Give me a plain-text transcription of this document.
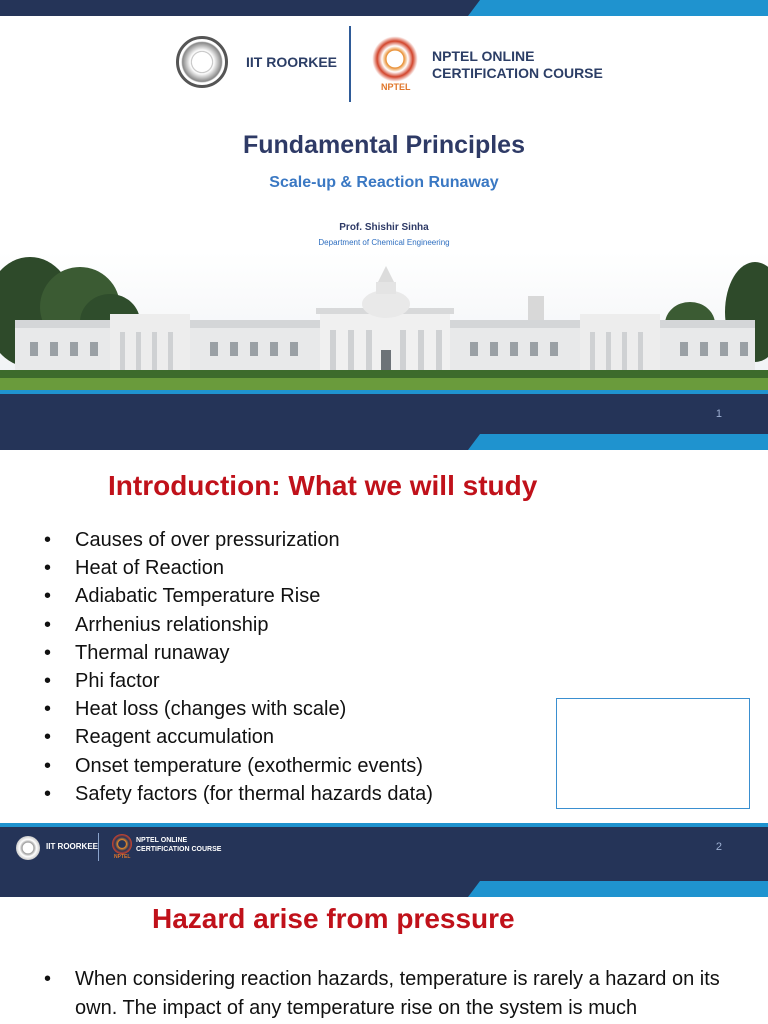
IIT ROORKEE
NPTEL
NPTEL ONLINE
CERTIFICATION COURSE
Fundamental Principles
Scale-up & Reaction Runaway
Prof. Shishir Sinha
Department of Chemical Engineering
1
Introduction: What we will study
• Causes of over pressurization
• Heat of Reaction
• Adiabatic Temperature Rise
• Arrhenius relationship
• Thermal runaway
• Phi factor
• Heat loss (changes with scale)
• Reagent accumulation
• Onset temperature (exothermic events)
• Safety factors (for thermal hazards data)
IIT ROORKEE
NPTEL
NPTEL ONLINE
CERTIFICATION COURSE	2
Hazard arise from pressure
• When considering reaction hazards, temperature is rarely a hazard on its own. The impact of any temperature rise on the system is much
